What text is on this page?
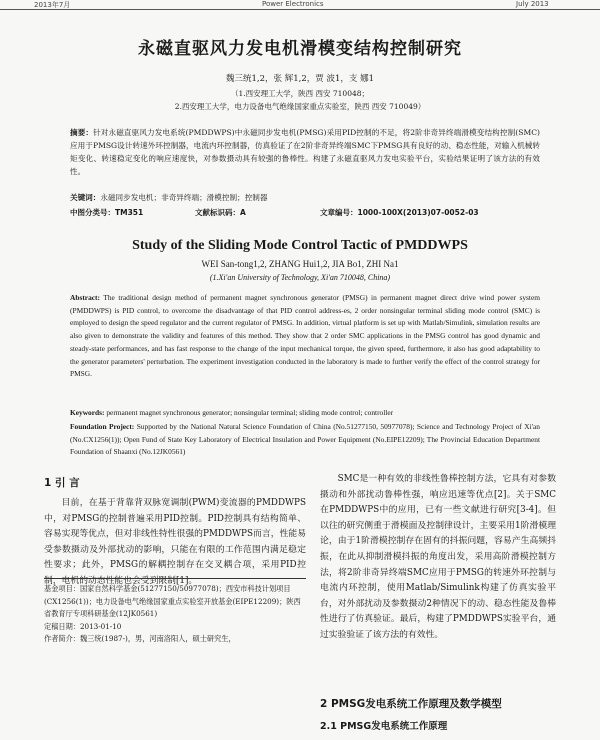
2013年7月	Power Electronics	July 2013
永磁直驱风力发电机滑模变结构控制研究
魏三统1,2，张 辉1,2，贾 波1，支 娜1
（1.西安理工大学，陕西 西安 710048；
2.西安理工大学，电力设备电气绝缘国家重点实验室，陕西 西安 710049）
摘要：针对永磁直驱风力发电系统(PMDDWPS)中永磁同步发电机(PMSG)采用PID控制的不足，将2阶非奇异终端滑模变结构控制(SMC)应用于PMSG设计转速外环控制器，电流内环控制器，仿真验证了在2阶非奇异终端SMC下PMSG具有良好的动、稳态性能，对输入机械转矩变化、转速稳定变化的响应速度快，对参数摄动具有较强的鲁棒性。构建了永磁直驱风力发电实验平台，实验结果证明了该方法的有效性。
关键词：永磁同步发电机；非奇异终端；滑模控制；控制器
中图分类号：TM351	文献标识码：A	文章编号：1000-100X(2013)07-0052-03
Study of the Sliding Mode Control Tactic of PMDDWPS
WEI San-tong1,2, ZHANG Hui1,2, JIA Bo1, ZHI Na1
(1.Xi'an University of Technology, Xi'an 710048, China)
Abstract: The traditional design method of permanent magnet synchronous generator (PMSG) in permanent magnet direct drive wind power system (PMDDWPS) is PID control, to overcome the disadvantage of that PID control address-es, 2 order nonsingular terminal sliding mode control (SMC) is employed to design the speed regulator and the current regulator of PMSG. In addition, virtual platform is set up with Matlab/Simulink, simulation results are also given to demonstrate the validity and features of this method. They show that 2 order SMC applications in the PMSG control has good dynamic and steady-state performances, and has fast response to the change of the input mechanical torque, the given speed, furthermore, it also has good adaptability to the generator parameters' perturbation. The experiment investigation conducted in the laboratory is made to further verify the effect of the control strategy for PMSG.
Keywords: permanent magnet synchronous generator; nonsingular terminal; sliding mode control; controller
Foundation Project: Supported by the National Natural Science Foundation of China (No.51277150, 50977078); Science and Technology Project of Xi'an (No.CX1256(1)); Open Fund of State Key Laboratory of Electrical Insulation and Power Equipment (No.EIPE12209); The Provincial Education Department Foundation of Shaanxi (No.12JK0561)
1 引 言
目前，在基于背靠背双脉宽调制(PWM)变流器的PMDDWPS中，对PMSG的控制普遍采用PID控制。PID控制具有结构简单、容易实现等优点，但对非线性特性很强的PMDDWPS而言，性能易受参数摄动及外部扰动的影响，只能在有限的工作范围内满足稳定性要求；此外，PMSG的解耦控制存在交叉耦合项，采用PID控制，电机的动态性能也会受到限制[1]。
SMC是一种有效的非线性鲁棒控制方法，它具有对参数摄动和外部扰动鲁棒性强，响应迅速等优点[2]。关于SMC在PMDDWPS中的应用，已有一些文献进行研究[3-4]。但以往的研究侧重于滑模面及控制律设计，主要采用1阶滑模理论，由于1阶滑模控制存在固有的抖振问题，容易产生高频抖振，在此从抑制滑模抖振的角度出发，采用高阶滑模控制方法，将2阶非奇异终端SMC应用于PMSG的转速外环控制与电流内环控制，使用Matlab/Simulink构建了仿真实验平台，对外部扰动及参数摄动2种情况下的动、稳态性能及鲁棒性进行了仿真验证。最后，构建了PMDDWPS实验平台，通过实验验证了该方法的有效性。
基金项目：国家自然科学基金(51277150/50977078)；西安市科技计划项目(CX1256(1))；电力设备电气绝缘国家重点实验室开放基金(EIPE12209)；陕西省教育厅专项科研基金(12JK0561)
定稿日期：2013-01-10
作者简介：魏三统(1987-)，男，河南洛阳人，硕士研究生，
2 PMSG发电系统工作原理及数学模型
2.1 PMSG发电系统工作原理
